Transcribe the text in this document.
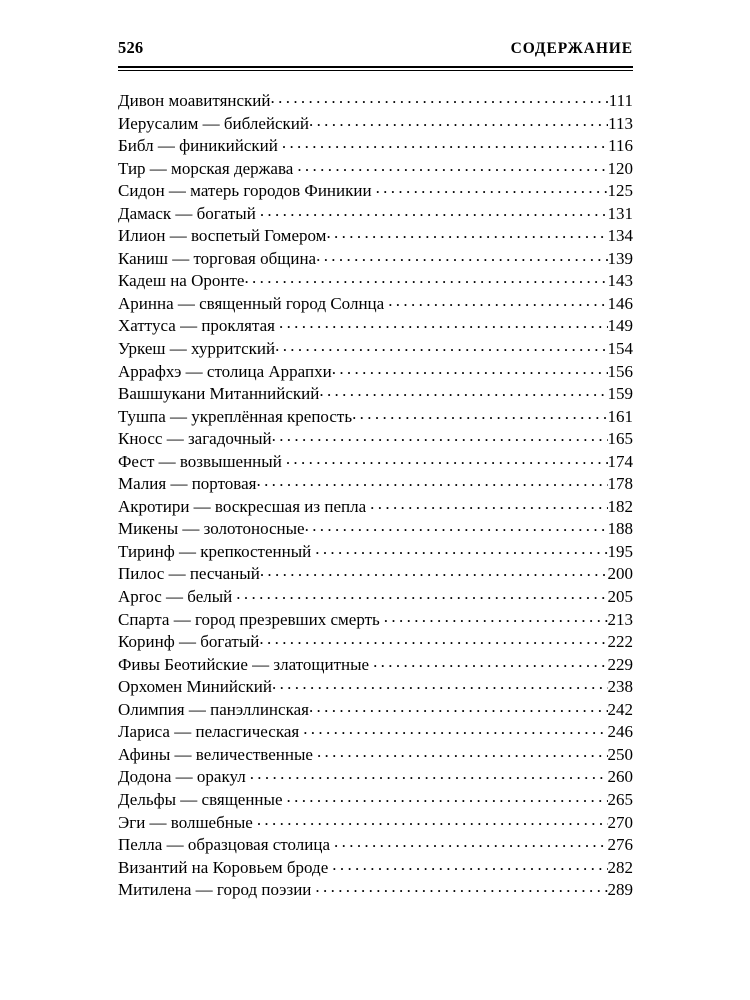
526	СОДЕРЖАНИЕ
Дивон моавитянский . . .	111
Иерусалим — библейский . . .	113
Библ — финикийский . . .	116
Тир — морская держава . . .	120
Сидон — матерь городов Финикии . . .	125
Дамаск — богатый . . .	131
Илион — воспетый Гомером . . .	134
Каниш — торговая община . . .	139
Кадеш на Оронте . . .	143
Аринна — священный город Солнца . . .	146
Хаттуса — проклятая . . .	149
Уркеш — хурритский . . .	154
Аррафхэ — столица Аррапхи . . .	156
Вашшукани Митаннийский . . .	159
Тушпа — укреплённая крепость . . .	161
Кносс — загадочный . . .	165
Фест — возвышенный . . .	174
Малия — портовая . . .	178
Акротири — воскресшая из пепла . . .	182
Микены — золотоносные . . .	188
Тиринф — крепкостенный . . .	195
Пилос — песчаный . . .	200
Аргос — белый . . .	205
Спарта — город презревших смерть . . .	213
Коринф — богатый . . .	222
Фивы Беотийские — златощитные . . .	229
Орхомен Минийский . . .	238
Олимпия — панэллинская . . .	242
Лариса — пеласгическая . . .	246
Афины — величественные . . .	250
Додона — оракул . . .	260
Дельфы — священные . . .	265
Эги — волшебные . . .	270
Пелла — образцовая столица . . .	276
Византий на Коровьем броде . . .	282
Митилена — город поэзии . . .	289
